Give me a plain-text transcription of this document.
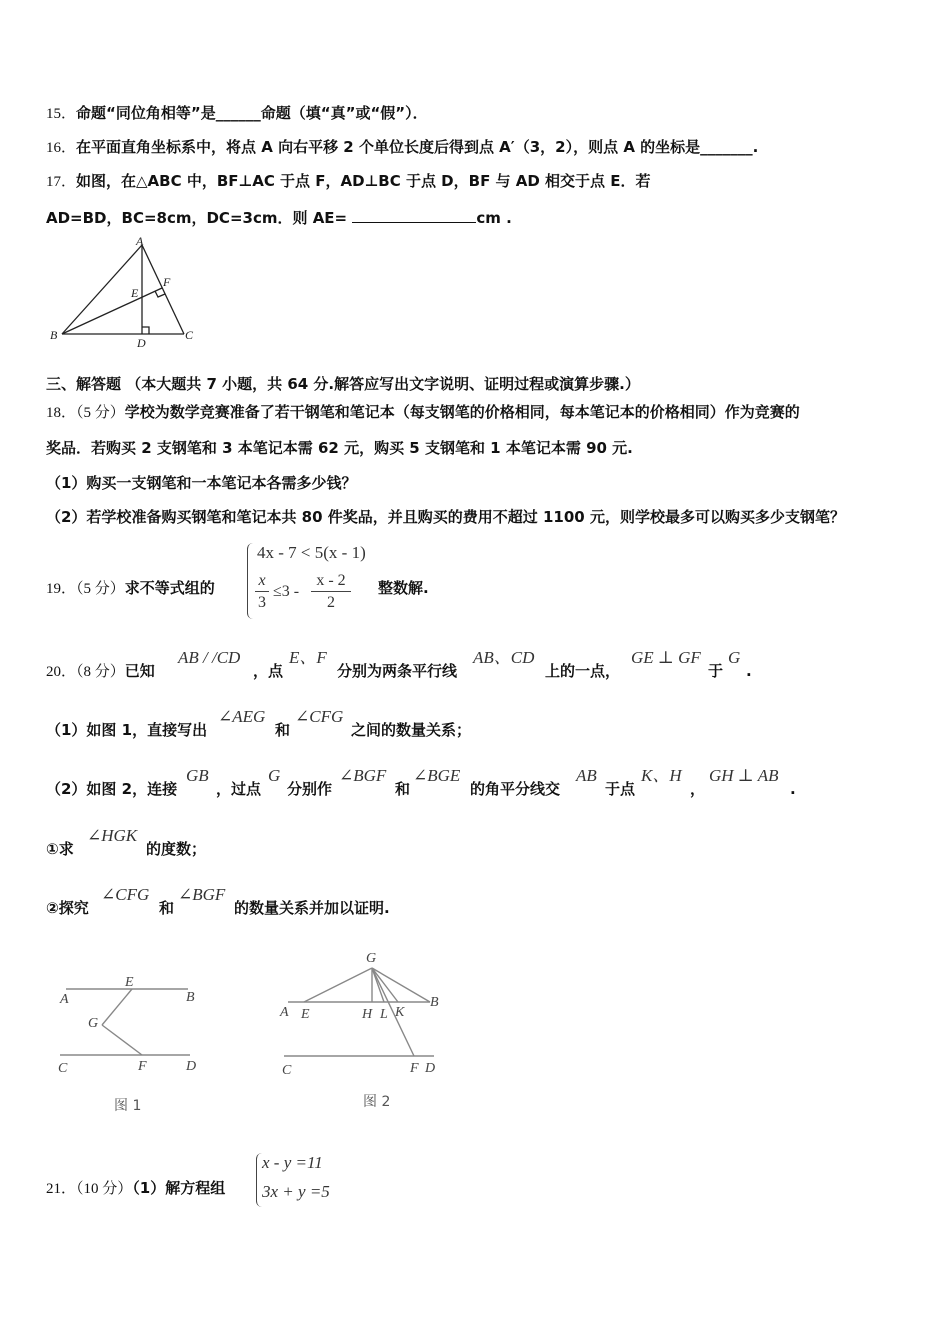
15．命题“同位角相等”是______命题（填“真”或“假”）．
16．在平面直角坐标系中，将点 A 向右平移 2 个单位长度后得到点 A′（3，2），则点 A 的坐标是_______.
17．如图，在△ABC 中，BF⊥AC 于点 F，AD⊥BC 于点 D，BF 与 AD 相交于点 E．若
AD=BD，BC=8cm，DC=3cm．则 AE=	cm .
A
B	C
D
E
F
三、解答题 （本大题共 7 小题，共 64 分.解答应写出文字说明、证明过程或演算步骤.）
18．（5 分）学校为数学竞赛准备了若干钢笔和笔记本（每支钢笔的价格相同，每本笔记本的价格相同）作为竞赛的
奖品．若购买 2 支钢笔和 3 本笔记本需 62 元，购买 5 支钢笔和 1 本笔记本需 90 元.
（1）购买一支钢笔和一本笔记本各需多少钱？
（2）若学校准备购买钢笔和笔记本共 80 件奖品，并且购买的费用不超过 1100 元，则学校最多可以购买多少支钢笔？
19．（5 分）求不等式组的
4x - 7 < 5(x - 1)
x
3
≤3 -
x - 2
2
整数解.
20．（8 分）已知
AB / /CD
，点
E、F
分别为两条平行线
AB、CD
上的一点，
GE ⊥ GF
于
G
.
（1）如图 1，直接写出
∠AEG
和
∠CFG
之间的数量关系；
（2）如图 2，连接
GB
，过点
G
分别作
∠BGF
和
∠BGE
的角平分线交
AB
于点
K、H
，
GH ⊥ AB
.
①求
∠HGK
的度数；
②探究
∠CFG
和
∠BGF
的数量关系并加以证明.
A	B
E
G
C	F	D
图 1
G
A E	H L K
B
C	F D
图 2
21．（10 分）（1）解方程组
x - y =11
3x + y =5
